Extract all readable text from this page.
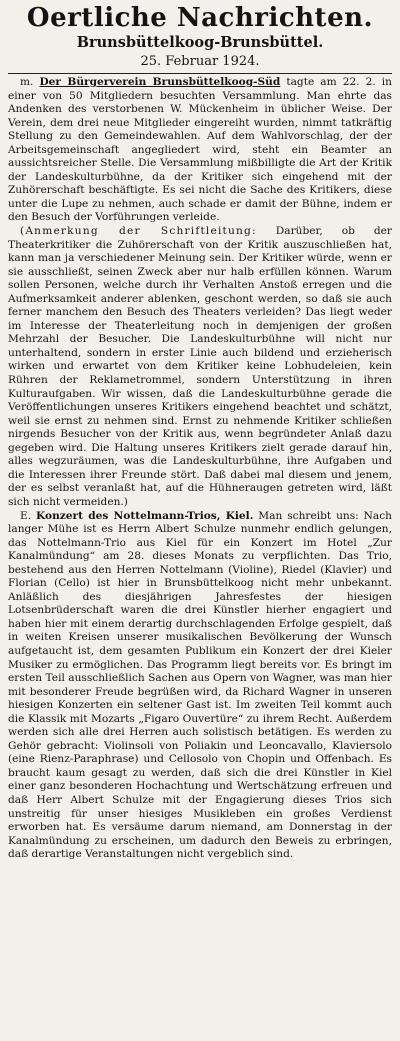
Oertliche Nachrichten.
Brunsbüttelkoog-Brunsbüttel.
25. Februar 1924.

m. Der Bürgerverein Brunsbüttelkoog-Süd tagte am 22. 2. in einer von 50 Mitgliedern besuchten Versammlung. Man ehrte das Andenken des verstorbenen W. Mückenheim in üblicher Weise. Der Verein, dem drei neue Mitglieder eingereiht wurden, nimmt tatkräftig Stellung zu den Gemeindewahlen. Auf dem Wahlvorschlag, der der Arbeitsgemeinschaft angegliedert wird, steht ein Beamter an aussichtsreicher Stelle. Die Versammlung mißbilligte die Art der Kritik der Landeskulturbühne, da der Kritiker sich eingehend mit der Zuhörerschaft beschäftigte. Es sei nicht die Sache des Kritikers, diese unter die Lupe zu nehmen, auch schade er damit der Bühne, indem er den Besuch der Vorführungen verleide.

(Anmerkung der Schriftleitung: Darüber, ob der Theaterkritiker die Zuhörerschaft von der Kritik auszuschließen hat, kann man ja verschiedener Meinung sein. Der Kritiker würde, wenn er sie ausschließt, seinen Zweck aber nur halb erfüllen können. Warum sollen Personen, welche durch ihr Verhalten Anstoß erregen und die Aufmerksamkeit anderer ablenken, geschont werden, so daß sie auch ferner manchem den Besuch des Theaters verleiden? Das liegt weder im Interesse der Theaterleitung noch in demjenigen der großen Mehrzahl der Besucher. Die Landeskulturbühne will nicht nur unterhaltend, sondern in erster Linie auch bildend und erzieherisch wirken und erwartet von dem Kritiker keine Lobhudeleien, kein Rühren der Reklametrommel, sondern Unterstützung in ihren Kulturaufgaben. Wir wissen, daß die Landeskulturbühne gerade die Veröffentlichungen unseres Kritikers eingehend beachtet und schätzt, weil sie ernst zu nehmen sind. Ernst zu nehmende Kritiker schließen nirgends Besucher von der Kritik aus, wenn begründeter Anlaß dazu gegeben wird. Die Haltung unseres Kritikers zielt gerade darauf hin, alles wegzuräumen, was die Landeskulturbühne, ihre Aufgaben und die Interessen ihrer Freunde stört. Daß dabei mal diesem und jenem, der es selbst veranlaßt hat, auf die Hühneraugen getreten wird, läßt sich nicht vermeiden.)

E. Konzert des Nottelmann-Trios, Kiel. Man schreibt uns: Nach langer Mühe ist es Herrn Albert Schulze nunmehr endlich gelungen, das Nottelmann-Trio aus Kiel für ein Konzert im Hotel „Zur Kanalmündung“ am 28. dieses Monats zu verpflichten. Das Trio, bestehend aus den Herren Nottelmann (Violine), Riedel (Klavier) und Florian (Cello) ist hier in Brunsbüttelkoog nicht mehr unbekannt. Anläßlich des diesjährigen Jahresfestes der hiesigen Lotsenbrüderschaft waren die drei Künstler hierher engagiert und haben hier mit einem derartig durchschlagenden Erfolge gespielt, daß in weiten Kreisen unserer musikalischen Bevölkerung der Wunsch aufgetaucht ist, dem gesamten Publikum ein Konzert der drei Kieler Musiker zu ermöglichen. Das Programm liegt bereits vor. Es bringt im ersten Teil ausschließlich Sachen aus Opern von Wagner, was man hier mit besonderer Freude begrüßen wird, da Richard Wagner in unseren hiesigen Konzerten ein seltener Gast ist. Im zweiten Teil kommt auch die Klassik mit Mozarts „Figaro Ouvertüre“ zu ihrem Recht. Außerdem werden sich alle drei Herren auch solistisch betätigen. Es werden zu Gehör gebracht: Violinsoli von Poliakin und Leoncavallo, Klaviersolo (eine Rienz-Paraphrase) und Cellosolo von Chopin und Offenbach. Es braucht kaum gesagt zu werden, daß sich die drei Künstler in Kiel einer ganz besonderen Hochachtung und Wertschätzung erfreuen und daß Herr Albert Schulze mit der Engagierung dieses Trios sich unstreitig für unser hiesiges Musikleben ein großes Verdienst erworben hat. Es versäume darum niemand, am Donnerstag in der Kanalmündung zu erscheinen, um dadurch den Beweis zu erbringen, daß derartige Veranstaltungen nicht vergeblich sind.
